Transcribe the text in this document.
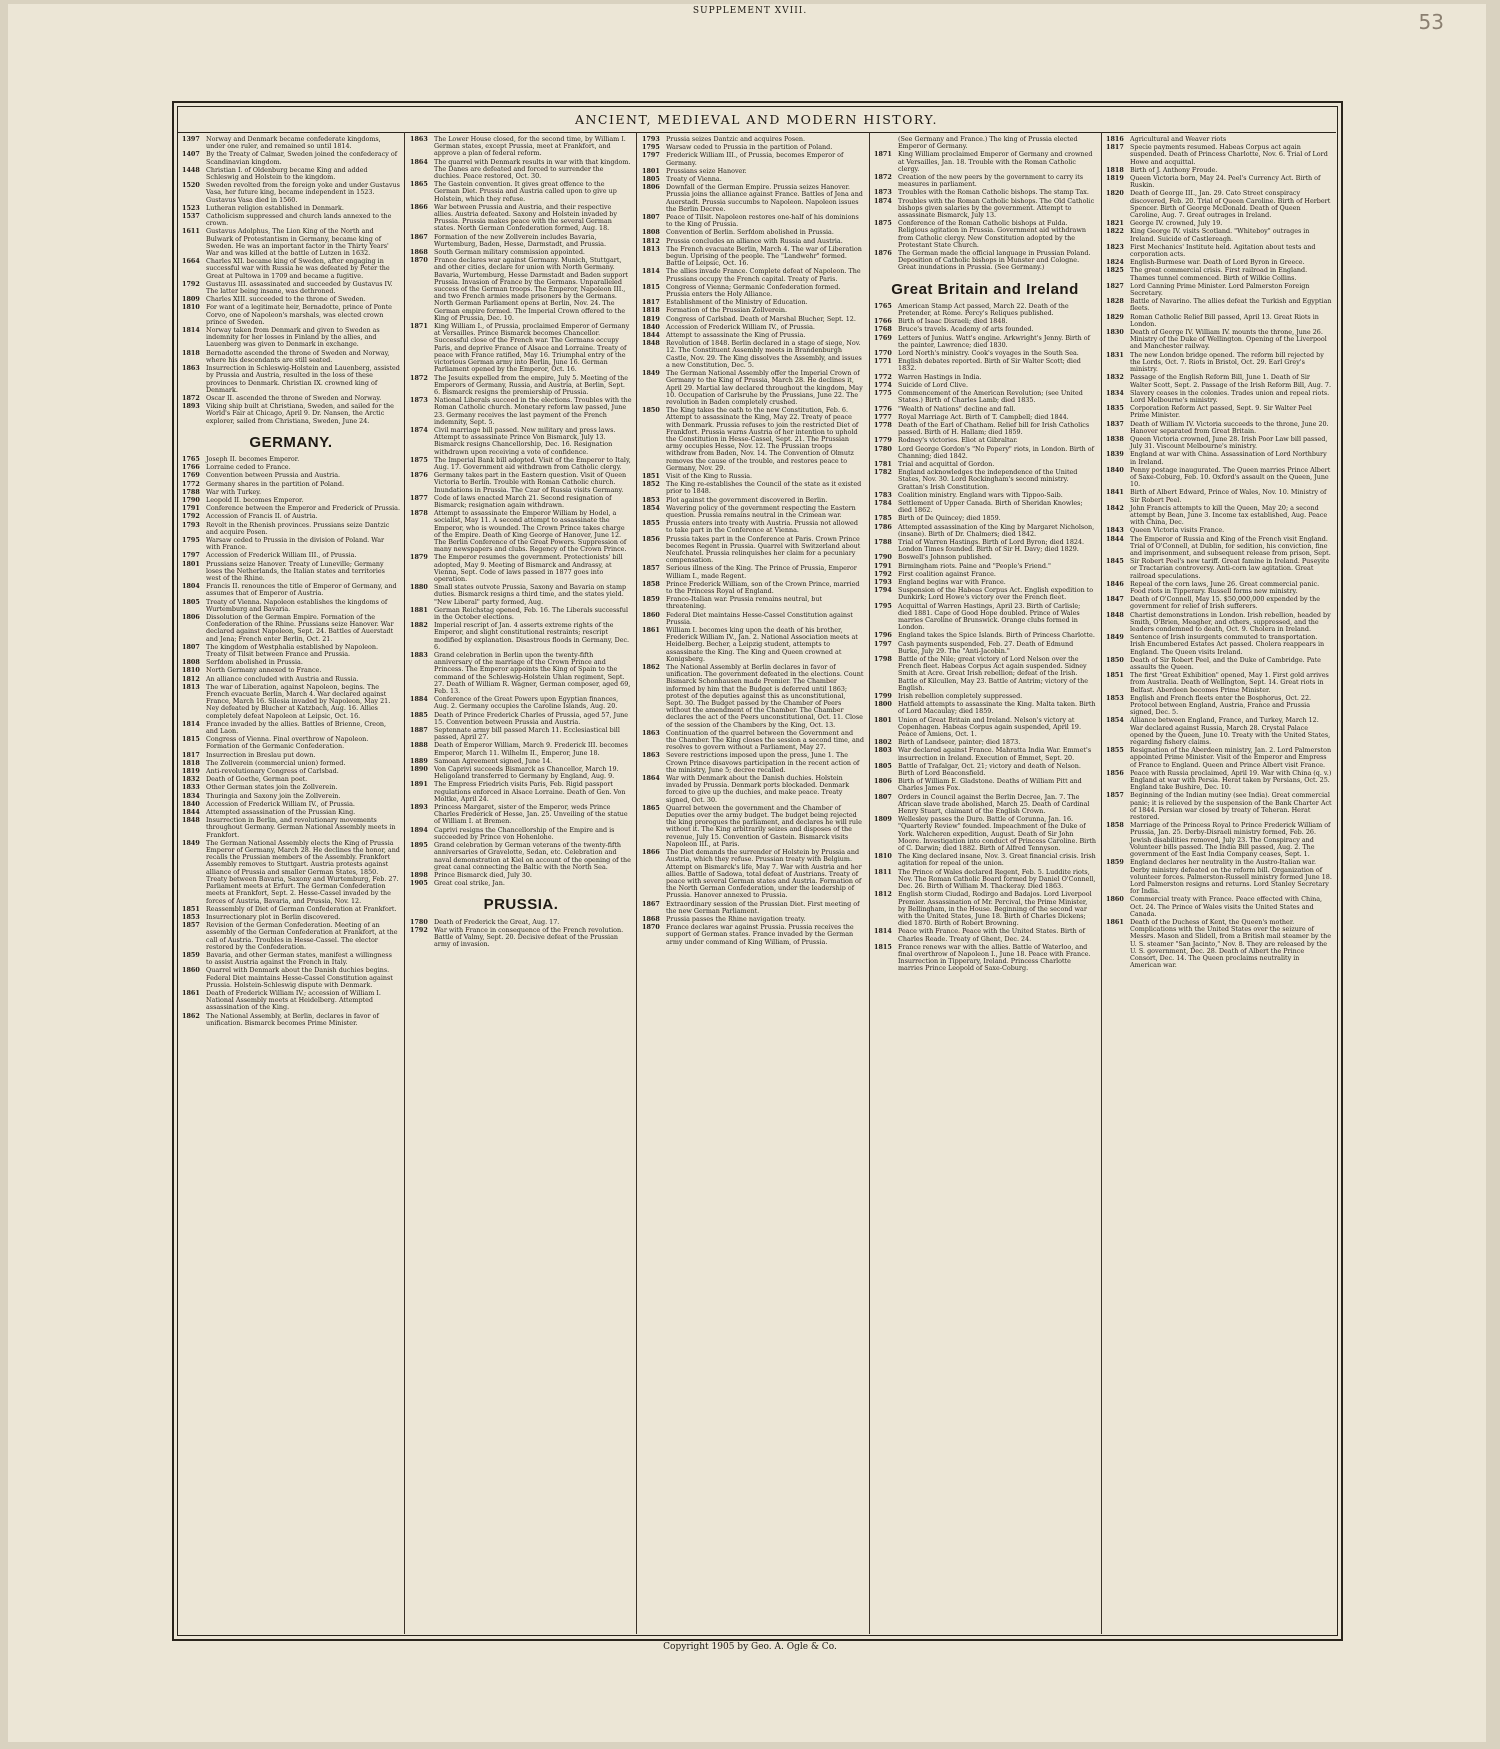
SUPPLEMENT XVIII.	53
ANCIENT, MEDIEVAL AND MODERN HISTORY.
1397 Norway and Denmark became confederate kingdoms, under one ruler, and remained so until 1814.
1407 By the Treaty of Calmar, Sweden joined the confederacy of Scandinavian kingdom.
1448 Christian I. of Oldenburg became King and added Schleswig and Holstein to the kingdom.
1520 Sweden revolted from the foreign yoke and under Gustavus Vasa, her future king, became independent in 1523. Gustavus Vasa died in 1560.
1523 Lutheran religion established in Denmark.
1537 Catholicism suppressed and church lands annexed to the crown.
1611 Gustavus Adolphus, The Lion King of the North and Bulwark of Protestantism in Germany, became king of Sweden. He was an important factor in the Thirty Years' War and was killed at the battle of Lutzen in 1632.
1664 Charles XII. became king of Sweden, after engaging in successful war with Russia he was defeated by Peter the Great at Pultowa in 1709 and became a fugitive.
1792 Gustavus III. assassinated and succeeded by Gustavus IV. The latter being insane, was dethroned.
1809 Charles XIII. succeeded to the throne of Sweden.
1810 For want of a legitimate heir, Bernadotte, prince of Ponte Corvo, one of Napoleon's marshals, was elected crown prince of Sweden.
1814 Norway taken from Denmark and given to Sweden as indemnity for her losses in Finland by the allies, and Lauenberg was given to Denmark in exchange.
1818 Bernadotte ascended the throne of Sweden and Norway, where his descendants are still seated.
1863 Insurrection in Schleswig-Holstein and Lauenberg, assisted by Prussia and Austria, resulted in the loss of these provinces to Denmark. Christian IX. crowned king of Denmark.
1872 Oscar II. ascended the throne of Sweden and Norway.
1893 Viking ship built at Christiana, Sweden, and sailed for the World's Fair at Chicago, April 9. Dr. Nansen, the Arctic explorer, sailed from Christiana, Sweden, June 24.
GERMANY.
1765 Joseph II. becomes Emperor.
1766 Lorraine ceded to France.
1769 Convention between Prussia and Austria.
1772 Germany shares in the partition of Poland.
1788 War with Turkey.
1790 Leopold II. becomes Emperor.
1791 Conference between the Emperor and Frederick of Prussia.
1792 Accession of Francis II. of Austria.
1793 Revolt in the Rhenish provinces. Prussians seize Dantzic and acquire Posen.
1795 Warsaw ceded to Prussia in the division of Poland. War with France.
1797 Accession of Frederick William III., of Prussia.
1801 Prussians seize Hanover. Treaty of Luneville; Germany loses the Netherlands, the Italian states and territories west of the Rhine.
1804 Francis II. renounces the title of Emperor of Germany, and assumes that of Emperor of Austria.
1805 Treaty of Vienna. Napoleon establishes the kingdoms of Wurtemburg and Bavaria.
1806 Dissolution of the German Empire. Formation of the Confederation of the Rhine. Prussians seize Hanover. War declared against Napoleon, Sept. 24. Battles of Auerstadt and Jena; French enter Berlin, Oct. 21.
1807 The kingdom of Westphalia established by Napoleon. Treaty of Tilsit between France and Prussia.
1808 Serfdom abolished in Prussia.
1810 North Germany annexed to France.
1812 An alliance concluded with Austria and Russia.
1813 The war of Liberation, against Napoleon, begins. The French evacuate Berlin, March 4. War declared against France, March 16. Silesia invaded by Napoleon, May 21. Ney defeated by Blucher at Katzbach, Aug. 16. Allies completely defeat Napoleon at Leipsic, Oct. 16.
1814 France invaded by the allies. Battles of Brienne, Creon, and Laon.
1815 Congress of Vienna. Final overthrow of Napoleon. Formation of the Germanic Confederation.
1817 Insurrection in Breslau put down.
1818 The Zollverein (commercial union) formed.
1819 Anti-revolutionary Congress of Carlsbad.
1832 Death of Goethe, German poet.
1833 Other German states join the Zollverein.
1834 Thuringia and Saxony join the Zollverein.
1840 Accession of Frederick William IV., of Prussia.
1844 Attempted assassination of the Prussian King.
1848 Insurrection in Berlin, and revolutionary movements throughout Germany. German National Assembly meets in Frankfort.
1849 The German National Assembly elects the King of Prussia Emperor of Germany, March 28. He declines the honor, and recalls the Prussian members of the Assembly. Frankfort Assembly removes to Stuttgart. Austria protests against alliance of Prussia and smaller German States, 1850. Treaty between Bavaria, Saxony and Wurtemburg, Feb. 27. Parliament meets at Erfurt. The German Confederation meets at Frankfort, Sept. 2. Hesse-Cassel invaded by the forces of Austria, Bavaria, and Prussia, Nov. 12.
1851 Reassembly of Diet of German Confederation at Frankfort.
1853 Insurrectionary plot in Berlin discovered.
1857 Revision of the German Confederation. Meeting of an assembly of the German Confederation at Frankfort, at the call of Austria. Troubles in Hesse-Cassel. The elector restored by the Confederation.
1859 Bavaria, and other German states, manifest a willingness to assist Austria against the French in Italy.
1860 Quarrel with Denmark about the Danish duchies begins. Federal Diet maintains Hesse-Cassel Constitution against Prussia. Holstein-Schleswig dispute with Denmark.
1861 Death of Frederick William IV.; accession of William I. National Assembly meets at Heidelberg. Attempted assassination of the King.
1862 The National Assembly, at Berlin, declares in favor of unification. Bismarck becomes Prime Minister.
1863 The Lower House closed, for the second time, by William I. German states, except Prussia, meet at Frankfort, and approve a plan of federal reform.
1864 The quarrel with Denmark results in war with that kingdom. The Danes are defeated and forced to surrender the duchies. Peace restored, Oct. 30.
1865 The Gastein convention. It gives great offence to the German Diet. Prussia and Austria called upon to give up Holstein, which they refuse.
1866 War between Prussia and Austria, and their respective allies. Austria defeated. Saxony and Holstein invaded by Prussia. Prussia makes peace with the several German states. North German Confederation formed, Aug. 18.
1867 Formation of the new Zollverein includes Bavaria, Wurtemburg, Baden, Hesse, Darmstadt, and Prussia.
1868 South German military commission appointed.
1870 France declares war against Germany. Munich, Stuttgart, and other cities, declare for union with North Germany. Bavaria, Wurtemburg, Hesse Darmstadt and Baden support Prussia. Invasion of France by the Germans. Unparalleled success of the German troops. The Emperor, Napoleon III., and two French armies made prisoners by the Germans. North German Parliament opens at Berlin, Nov. 24. The German empire formed. The Imperial Crown offered to the King of Prussia, Dec. 10.
1871 King William I., of Prussia, proclaimed Emperor of Germany at Versailles. Prince Bismarck becomes Chancellor. Successful close of the French war. The Germans occupy Paris, and deprive France of Alsace and Lorraine. Treaty of peace with France ratified, May 16. Triumphal entry of the victorious German army into Berlin, June 16. German Parliament opened by the Emperor, Oct. 16.
1872 The Jesuits expelled from the empire, July 5. Meeting of the Emperors of Germany, Russia, and Austria, at Berlin, Sept. 6. Bismarck resigns the premiership of Prussia.
1873 National Liberals succeed in the elections. Troubles with the Roman Catholic church. Monetary reform law passed, June 23. Germany receives the last payment of the French indemnity, Sept. 5.
1874 Civil marriage bill passed. New military and press laws. Attempt to assassinate Prince Von Bismarck, July 13. Bismarck resigns Chancellorship, Dec. 16. Resignation withdrawn upon receiving a vote of confidence.
1875 The Imperial Bank bill adopted. Visit of the Emperor to Italy, Aug. 17. Government aid withdrawn from Catholic clergy.
1876 Germany takes part in the Eastern question. Visit of Queen Victoria to Berlin. Trouble with Roman Catholic church. Inundations in Prussia. The Czar of Russia visits Germany.
1877 Code of laws enacted March 21. Second resignation of Bismarck; resignation again withdrawn.
1878 Attempt to assassinate the Emperor William by Hodel, a socialist, May 11. A second attempt to assassinate the Emperor, who is wounded. The Crown Prince takes charge of the Empire. Death of King George of Hanover, June 12. The Berlin Conference of the Great Powers. Suppression of many newspapers and clubs. Regency of the Crown Prince.
1879 The Emperor resumes the government. Protectionists' bill adopted, May 9. Meeting of Bismarck and Andrassy, at Vienna, Sept. Code of laws passed in 1877 goes into operation.
1880 Small states outvote Prussia, Saxony and Bavaria on stamp duties. Bismarck resigns a third time, and the states yield. "New Liberal" party formed, Aug.
1881 German Reichstag opened, Feb. 16. The Liberals successful in the October elections.
1882 Imperial rescript of Jan. 4 asserts extreme rights of the Emperor, and slight constitutional restraints; rescript modified by explanation. Disastrous floods in Germany, Dec. 6.
1883 Grand celebration in Berlin upon the twenty-fifth anniversary of the marriage of the Crown Prince and Princess. The Emperor appoints the King of Spain to the command of the Schleswig-Holstein Uhlan regiment, Sept. 27. Death of William R. Wagner, German composer, aged 69, Feb. 13.
1884 Conference of the Great Powers upon Egyptian finances, Aug. 2. Germany occupies the Caroline Islands, Aug. 20.
1885 Death of Prince Frederick Charles of Prussia, aged 57, June 15. Convention between Prussia and Austria.
1887 Septennate army bill passed March 11. Ecclesiastical bill passed, April 27.
1888 Death of Emperor William, March 9. Frederick III. becomes Emperor, March 11. Wilhelm II., Emperor, June 18.
1889 Samoan Agreement signed, June 14.
1890 Von Caprivi succeeds Bismarck as Chancellor, March 19. Heligoland transferred to Germany by England, Aug. 9.
1891 The Empress Friedrich visits Paris, Feb. Rigid passport regulations enforced in Alsace Lorraine. Death of Gen. Von Moltke, April 24.
1893 Princess Margaret, sister of the Emperor, weds Prince Charles Frederick of Hesse, Jan. 25. Unveiling of the statue of William I. at Bremen.
1894 Caprivi resigns the Chancellorship of the Empire and is succeeded by Prince von Hohenlohe.
1895 Grand celebration by German veterans of the twenty-fifth anniversaries of Gravelotte, Sedan, etc. Celebration and naval demonstration at Kiel on account of the opening of the great canal connecting the Baltic with the North Sea.
1898 Prince Bismarck died, July 30.
1905 Great coal strike, Jan.
PRUSSIA.
1780 Death of Frederick the Great, Aug. 17.
1792 War with France in consequence of the French revolution. Battle of Valmy, Sept. 20. Decisive defeat of the Prussian army of invasion.
1793 Prussia seizes Dantzic and acquires Posen.
1795 Warsaw ceded to Prussia in the partition of Poland.
1797 Frederick William III., of Prussia, becomes Emperor of Germany.
1801 Prussians seize Hanover.
1805 Treaty of Vienna.
1806 Downfall of the German Empire. Prussia seizes Hanover. Prussia joins the alliance against France. Battles of Jena and Auerstadt. Prussia succumbs to Napoleon. Napoleon issues the Berlin Decree.
1807 Peace of Tilsit. Napoleon restores one-half of his dominions to the King of Prussia.
1808 Convention of Berlin. Serfdom abolished in Prussia.
1812 Prussia concludes an alliance with Russia and Austria.
1813 The French evacuate Berlin, March 4. The war of Liberation begun. Uprising of the people. The "Landwehr" formed. Battle of Leipsic, Oct. 16.
1814 The allies invade France. Complete defeat of Napoleon. The Prussians occupy the French capital. Treaty of Paris.
1815 Congress of Vienna; Germanic Confederation formed. Prussia enters the Holy Alliance.
1817 Establishment of the Ministry of Education.
1818 Formation of the Prussian Zollverein.
1819 Congress of Carlsbad. Death of Marshal Blucher, Sept. 12.
1840 Accession of Frederick William IV., of Prussia.
1844 Attempt to assassinate the King of Prussia.
1848 Revolution of 1848. Berlin declared in a stage of siege, Nov. 12. The Constituent Assembly meets in Brandenburgh Castle, Nov. 29. The King dissolves the Assembly, and issues a new Constitution, Dec. 5.
1849 The German National Assembly offer the Imperial Crown of Germany to the King of Prussia, March 28. He declines it, April 29. Martial law declared throughout the kingdom, May 10. Occupation of Carlsruhe by the Prussians, June 22. The revolution in Baden completely crushed.
1850 The King takes the oath to the new Constitution, Feb. 6. Attempt to assassinate the King, May 22. Treaty of peace with Denmark. Prussia refuses to join the restricted Diet of Frankfort. Prussia warns Austria of her intention to uphold the Constitution in Hesse-Cassel, Sept. 21. The Prussian army occupies Hesse, Nov. 12. The Prussian troops withdraw from Baden, Nov. 14. The Convention of Olmutz removes the cause of the trouble, and restores peace to Germany, Nov. 29.
1851 Visit of the King to Russia.
1852 The King re-establishes the Council of the state as it existed prior to 1848.
1853 Plot against the government discovered in Berlin.
1854 Wavering policy of the government respecting the Eastern question. Prussia remains neutral in the Crimean war.
1855 Prussia enters into treaty with Austria. Prussia not allowed to take part in the Conference at Vienna.
1856 Prussia takes part in the Conference at Paris. Crown Prince becomes Regent in Prussia. Quarrel with Switzerland about Neufchatel. Prussia relinquishes her claim for a pecuniary compensation.
1857 Serious illness of the King. The Prince of Prussia, Emperor William I., made Regent.
1858 Prince Frederick William, son of the Crown Prince, married to the Princess Royal of England.
1859 Franco-Italian war. Prussia remains neutral, but threatening.
1860 Federal Diet maintains Hesse-Cassel Constitution against Prussia.
1861 William I. becomes king upon the death of his brother, Frederick William IV., Jan. 2. National Association meets at Heidelberg. Becher, a Leipzig student, attempts to assassinate the King. The King and Queen crowned at Konigsberg.
1862 The National Assembly at Berlin declares in favor of unification. The government defeated in the elections. Count Bismarck Schonhausen made Premier. The Chamber informed by him that the Budget is deferred until 1863; protest of the deputies against this as unconstitutional, Sept. 30. The Budget passed by the Chamber of Peers without the amendment of the Chamber. The Chamber declares the act of the Peers unconstitutional, Oct. 11. Close of the session of the Chambers by the King, Oct. 13.
1863 Continuation of the quarrel between the Government and the Chamber. The King closes the session a second time, and resolves to govern without a Parliament, May 27.
1863 Severe restrictions imposed upon the press, June 1. The Crown Prince disavows participation in the recent action of the ministry, June 5; decree recalled.
1864 War with Denmark about the Danish duchies. Holstein invaded by Prussia. Denmark ports blockaded. Denmark forced to give up the duchies, and make peace. Treaty signed, Oct. 30.
1865 Quarrel between the government and the Chamber of Deputies over the army budget. The budget being rejected the king prorogues the parliament, and declares he will rule without it. The King arbitrarily seizes and disposes of the revenue, July 15. Convention of Gastein. Bismarck visits Napoleon III., at Paris.
1866 The Diet demands the surrender of Holstein by Prussia and Austria, which they refuse. Prussian treaty with Belgium. Attempt on Bismarck's life, May 7. War with Austria and her allies. Battle of Sadowa, total defeat of Austrians. Treaty of peace with several German states and Austria. Formation of the North German Confederation, under the leadership of Prussia. Hanover annexed to Prussia.
1867 Extraordinary session of the Prussian Diet. First meeting of the new German Parliament.
1868 Prussia passes the Rhine navigation treaty.
1870 France declares war against Prussia. Prussia receives the support of German states. France invaded by the German army under command of King William, of Prussia.
(See Germany and France.) The king of Prussia elected Emperor of Germany.
1871 King William proclaimed Emperor of Germany and crowned at Versailles, Jan. 18. Trouble with the Roman Catholic clergy.
1872 Creation of the new peers by the government to carry its measures in parliament.
1873 Troubles with the Roman Catholic bishops. The stamp Tax.
1874 Troubles with the Roman Catholic bishops. The Old Catholic bishops given salaries by the government. Attempt to assassinate Bismarck, July 13.
1875 Conference of the Roman Catholic bishops at Fulda. Religious agitation in Prussia. Government aid withdrawn from Catholic clergy. New Constitution adopted by the Protestant State Church.
1876 The German made the official language in Prussian Poland. Deposition of Catholic bishops in Munster and Cologne. Great inundations in Prussia. (See Germany.)
Great Britain and Ireland
1765 American Stamp Act passed, March 22. Death of the Pretender, at Rome. Percy's Reliques published.
1766 Birth of Isaac Disraeli; died 1848.
1768 Bruce's travels. Academy of arts founded.
1769 Letters of Junius. Watt's engine. Arkwright's Jenny. Birth of the painter, Lawrence; died 1830.
1770 Lord North's ministry. Cook's voyages in the South Sea.
1771 English debates reported. Birth of Sir Walter Scott; died 1832.
1772 Warren Hastings in India.
1774 Suicide of Lord Clive.
1775 Commencement of the American Revolution; (see United States.) Birth of Charles Lamb; died 1835.
1776 "Wealth of Nations" decline and fall.
1777 Royal Marriage Act. Birth of T. Campbell; died 1844.
1778 Death of the Earl of Chatham. Relief bill for Irish Catholics passed. Birth of H. Hallam; died 1859.
1779 Rodney's victories. Eliot at Gibraltar.
1780 Lord George Gordon's "No Popery" riots, in London. Birth of Channing; died 1842.
1781 Trial and acquittal of Gordon.
1782 England acknowledges the independence of the United States, Nov. 30. Lord Rockingham's second ministry. Grattan's Irish Constitution.
1783 Coalition ministry. England wars with Tippoo-Saib.
1784 Settlement of Upper Canada. Birth of Sheridan Knowles; died 1862.
1785 Birth of De Quincey; died 1859.
1786 Attempted assassination of the King by Margaret Nicholson, (insane). Birth of Dr. Chalmers; died 1842.
1788 Trial of Warren Hastings. Birth of Lord Byron; died 1824. London Times founded. Birth of Sir H. Davy; died 1829.
1790 Boswell's Johnson published.
1791 Birmingham riots. Paine and "People's Friend."
1792 First coalition against France.
1793 England begins war with France.
1794 Suspension of the Habeas Corpus Act. English expedition to Dunkirk; Lord Howe's victory over the French fleet.
1795 Acquittal of Warren Hastings, April 23. Birth of Carlisle; died 1881. Cape of Good Hope doubled. Prince of Wales marries Caroline of Brunswick. Orange clubs formed in London.
1796 England takes the Spice Islands. Birth of Princess Charlotte.
1797 Cash payments suspended, Feb. 27. Death of Edmund Burke, July 29. The "Anti-Jacobin."
1798 Battle of the Nile; great victory of Lord Nelson over the French fleet. Habeas Corpus Act again suspended. Sidney Smith at Acre. Great Irish rebellion; defeat of the Irish. Battle of Kilcullen, May 23. Battle of Antrim; victory of the English.
1799 Irish rebellion completely suppressed.
1800 Hatfield attempts to assassinate the King. Malta taken. Birth of Lord Macaulay; died 1859.
1801 Union of Great Britain and Ireland. Nelson's victory at Copenhagen. Habeas Corpus again suspended, April 19. Peace of Amiens, Oct. 1.
1802 Birth of Landseer, painter; died 1873.
1803 War declared against France. Mahratta India War. Emmet's insurrection in Ireland. Execution of Emmet, Sept. 20.
1805 Battle of Trafalgar, Oct. 21; victory and death of Nelson. Birth of Lord Beaconsfield.
1806 Birth of William E. Gladstone. Deaths of William Pitt and Charles James Fox.
1807 Orders in Council against the Berlin Decree, Jan. 7. The African slave trade abolished, March 25. Death of Cardinal Henry Stuart, claimant of the English Crown.
1809 Wellesley passes the Duro. Battle of Corunna, Jan. 16. "Quarterly Review" founded. Impeachment of the Duke of York. Walcheren expedition, August. Death of Sir John Moore. Investigation into conduct of Princess Caroline. Birth of C. Darwin; died 1882. Birth of Alfred Tennyson.
1810 The King declared insane, Nov. 3. Great financial crisis. Irish agitation for repeal of the union.
1811 The Prince of Wales declared Regent, Feb. 5. Luddite riots, Nov. The Roman Catholic Board formed by Daniel O'Connell, Dec. 26. Birth of William M. Thackeray. Died 1863.
1812 English storm Ciudad, Rodirgo and Badajos. Lord Liverpool Premier. Assassination of Mr. Percival, the Prime Minister, by Bellingham, in the House. Beginning of the second war with the United States, June 18. Birth of Charles Dickens; died 1870. Birth of Robert Browning.
1814 Peace with France. Peace with the United States. Birth of Charles Reade. Treaty of Ghent, Dec. 24.
1815 France renews war with the allies. Battle of Waterloo, and final overthrow of Napoleon I., June 18. Peace with France. Insurrection in Tipperary, Ireland. Princess Charlotte marries Prince Leopold of Saxe-Coburg.
1816 Agricultural and Weaver riots
1817 Specie payments resumed. Habeas Corpus act again suspended. Death of Princess Charlotte, Nov. 6. Trial of Lord Howe and acquittal.
1818 Birth of J. Anthony Froude.
1819 Queen Victoria born, May 24. Peel's Currency Act. Birth of Ruskin.
1820 Death of George III., Jan. 29. Cato Street conspiracy discovered, Feb. 20. Trial of Queen Caroline. Birth of Herbert Spencer. Birth of George McDonald. Death of Queen Caroline, Aug. 7. Great outrages in Ireland.
1821 George IV. crowned, July 19.
1822 King George IV. visits Scotland. "Whiteboy" outrages in Ireland. Suicide of Castlereagh.
1823 First Mechanics' Institute held. Agitation about tests and corporation acts.
1824 English-Burmese war. Death of Lord Byron in Greece.
1825 The great commercial crisis. First railroad in England. Thames tunnel commenced. Birth of Wilkie Collins.
1827 Lord Canning Prime Minister. Lord Palmerston Foreign Secretary.
1828 Battle of Navarino. The allies defeat the Turkish and Egyptian fleets.
1829 Roman Catholic Relief Bill passed, April 13. Great Riots in London.
1830 Death of George IV. William IV. mounts the throne, June 26. Ministry of the Duke of Wellington. Opening of the Liverpool and Manchester railway.
1831 The new London bridge opened. The reform bill rejected by the Lords, Oct. 7. Riots in Bristol, Oct. 29. Earl Grey's ministry.
1832 Passage of the English Reform Bill, June 1. Death of Sir Walter Scott, Sept. 2. Passage of the Irish Reform Bill, Aug. 7.
1834 Slavery ceases in the colonies. Trades union and repeal riots. Lord Melbourne's ministry.
1835 Corporation Reform Act passed, Sept. 9. Sir Walter Peel Prime Minister.
1837 Death of William IV. Victoria succeeds to the throne, June 20. Hanover separated from Great Britain.
1838 Queen Victoria crowned, June 28. Irish Poor Law bill passed, July 31. Viscount Melbourne's ministry.
1839 England at war with China. Assassination of Lord Northbury in Ireland.
1840 Penny postage inaugurated. The Queen marries Prince Albert of Saxe-Coburg, Feb. 10. Oxford's assault on the Queen, June 10.
1841 Birth of Albert Edward, Prince of Wales, Nov. 10. Ministry of Sir Robert Peel.
1842 John Francis attempts to kill the Queen, May 20; a second attempt by Bean, June 3. Income tax established, Aug. Peace with China, Dec.
1843 Queen Victoria visits France.
1844 The Emperor of Russia and King of the French visit England. Trial of O'Connell, at Dublin, for sedition, his conviction, fine and imprisonment, and subsequent release from prison, Sept.
1845 Sir Robert Peel's new tariff. Great famine in Ireland. Puseyite or Tractarian controversy. Anti-corn law agitation. Great railroad speculations.
1846 Repeal of the corn laws, June 26. Great commercial panic. Food riots in Tipperary. Russell forms new ministry.
1847 Death of O'Connell, May 15. $50,000,000 expended by the government for relief of Irish sufferers.
1848 Chartist demonstrations in London. Irish rebellion, headed by Smith, O'Brien, Meagher, and others, suppressed, and the leaders condemned to death, Oct. 9. Cholera in Ireland.
1849 Sentence of Irish insurgents commuted to transportation. Irish Encumbered Estates Act passed. Cholera reappears in England. The Queen visits Ireland.
1850 Death of Sir Robert Peel, and the Duke of Cambridge. Pate assaults the Queen.
1851 The first "Great Exhibition" opened, May 1. First gold arrives from Australia. Death of Wellington, Sept. 14. Great riots in Belfast. Aberdeen becomes Prime Minister.
1853 English and French fleets enter the Bosphorus, Oct. 22. Protocol between England, Austria, France and Prussia signed, Dec. 5.
1854 Alliance between England, France, and Turkey, March 12. War declared against Russia, March 28. Crystal Palace opened by the Queen, June 10. Treaty with the United States, regarding fishery claims.
1855 Resignation of the Aberdeen ministry, Jan. 2. Lord Palmerston appointed Prime Minister. Visit of the Emperor and Empress of France to England. Queen and Prince Albert visit France.
1856 Peace with Russia proclaimed, April 19. War with China (q. v.) England at war with Persia. Herat taken by Persians, Oct. 25. England take Bushire, Dec. 10.
1857 Beginning of the Indian mutiny (see India). Great commercial panic; it is relieved by the suspension of the Bank Charter Act of 1844. Persian war closed by treaty of Teheran. Herat restored.
1858 Marriage of the Princess Royal to Prince Frederick William of Prussia, Jan. 25. Derby-Disraeli ministry formed, Feb. 26. Jewish disabilities removed, July 23. The Conspiracy and Volunteer bills passed. The India Bill passed, Aug. 2. The government of the East India Company ceases, Sept. 1.
1859 England declares her neutrality in the Austro-Italian war. Derby ministry defeated on the reform bill. Organization of volunteer forces. Palmerston-Russell ministry formed June 18. Lord Palmerston resigns and returns. Lord Stanley Secretary for India.
1860 Commercial treaty with France. Peace effected with China, Oct. 24. The Prince of Wales visits the United States and Canada.
1861 Death of the Duchess of Kent, the Queen's mother. Complications with the United States over the seizure of Messrs. Mason and Slidell, from a British mail steamer by the U. S. steamer "San Jacinto," Nov. 8. They are released by the U. S. government, Dec. 28. Death of Albert the Prince Consort, Dec. 14. The Queen proclaims neutrality in American war.
Copyright 1905 by Geo. A. Ogle & Co.
